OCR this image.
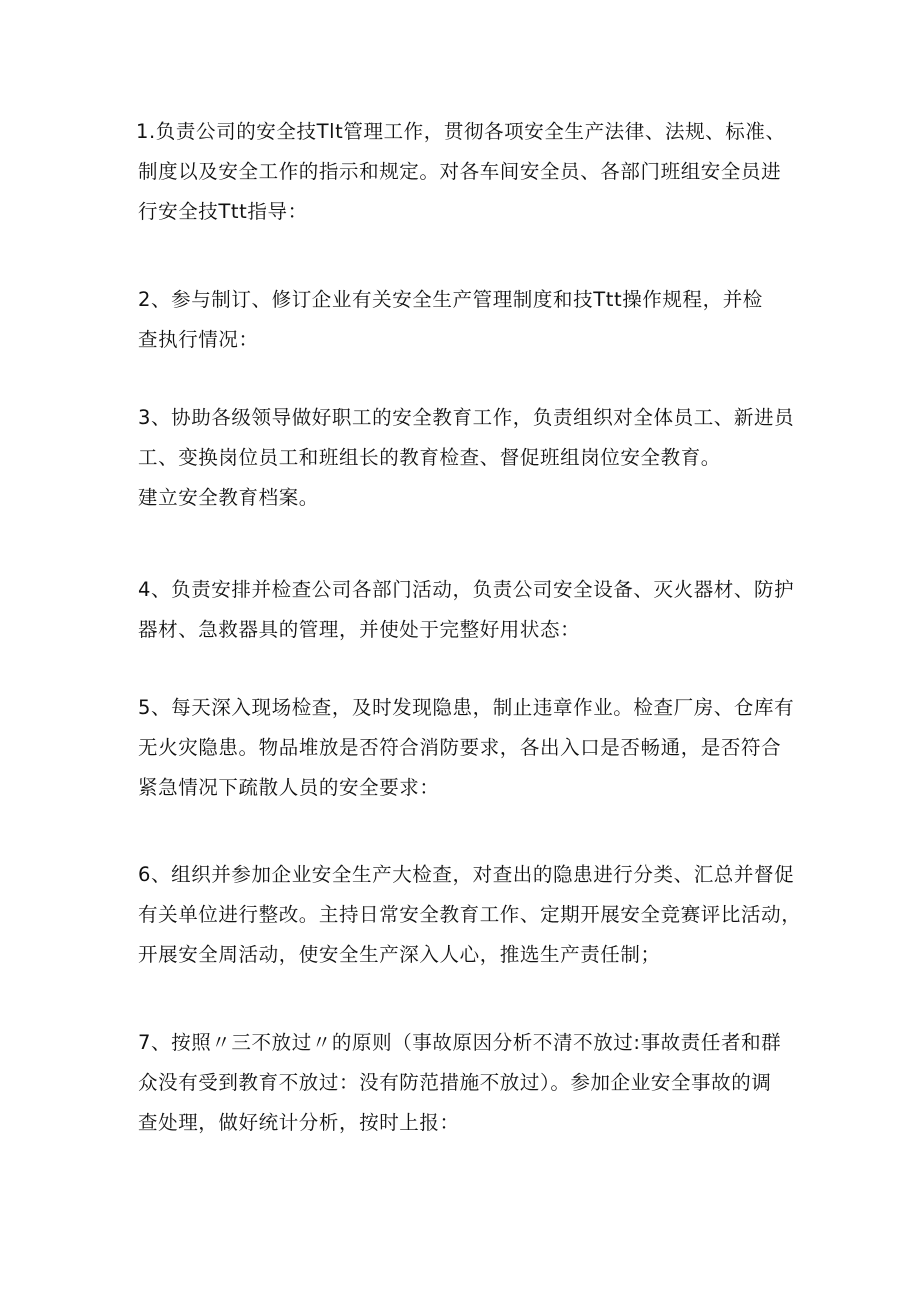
1.负责公司的安全技Tlt管理工作，贯彻各项安全生产法律、法规、标准、
制度以及安全工作的指示和规定。对各车间安全员、各部门班组安全员进
行安全技Ttt指导：
2、参与制订、修订企业有关安全生产管理制度和技Ttt操作规程，并检
查执行情况：
3、协助各级领导做好职工的安全教育工作，负责组织对全体员工、新进员
工、变换岗位员工和班组长的教育检查、督促班组岗位安全教育。
建立安全教育档案。
4、负责安排并检查公司各部门活动，负责公司安全设备、灭火器材、防护
器材、急救器具的管理，并使处于完整好用状态：
5、每天深入现场检查，及时发现隐患，制止违章作业。检查厂房、仓库有
无火灾隐患。物品堆放是否符合消防要求，各出入口是否畅通，是否符合
紧急情况下疏散人员的安全要求：
6、组织并参加企业安全生产大检查，对查出的隐患进行分类、汇总并督促
有关单位进行整改。主持日常安全教育工作、定期开展安全竞赛评比活动，
开展安全周活动，使安全生产深入人心，推选生产责任制；
7、按照〃三不放过〃的原则（事故原因分析不清不放过:事故责任者和群
众没有受到教育不放过：没有防范措施不放过）。参加企业安全事故的调
查处理，做好统计分析，按时上报：
